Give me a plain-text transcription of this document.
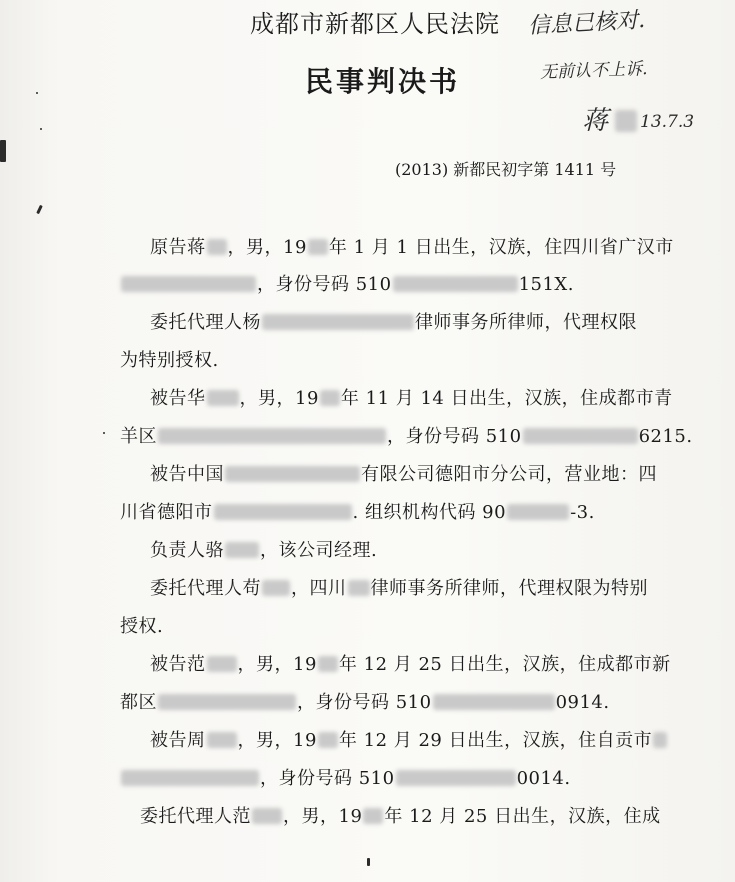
成都市新都区人民法院
民事判决书
信息已核对.
无前认不上诉.
蒋 13.7.3
(2013) 新都民初字第 1411 号
原告蒋 ，男，19 年 1 月 1 日出生，汉族，住四川省广汉市
，身份号码 510	151X.
委托代理人杨	律师事务所律师，代理权限
为特别授权.
被告华 ，男，19 年 11 月 14 日出生，汉族，住成都市青
羊区	，身份号码 510	6215.
被告中国	有限公司德阳市分公司，营业地：四
川省德阳市	. 组织机构代码 90	-3.
负责人骆 ，该公司经理.
委托代理人苟 ，四川 律师事务所律师，代理权限为特别
授权.
被告范 ，男，19 年 12 月 25 日出生，汉族，住成都市新
都区	，身份号码 510	0914.
被告周 ，男，19 年 12 月 29 日出生，汉族，住自贡市
，身份号码 510	0014.
委托代理人范 ，男，19 年 12 月 25 日出生，汉族，住成
